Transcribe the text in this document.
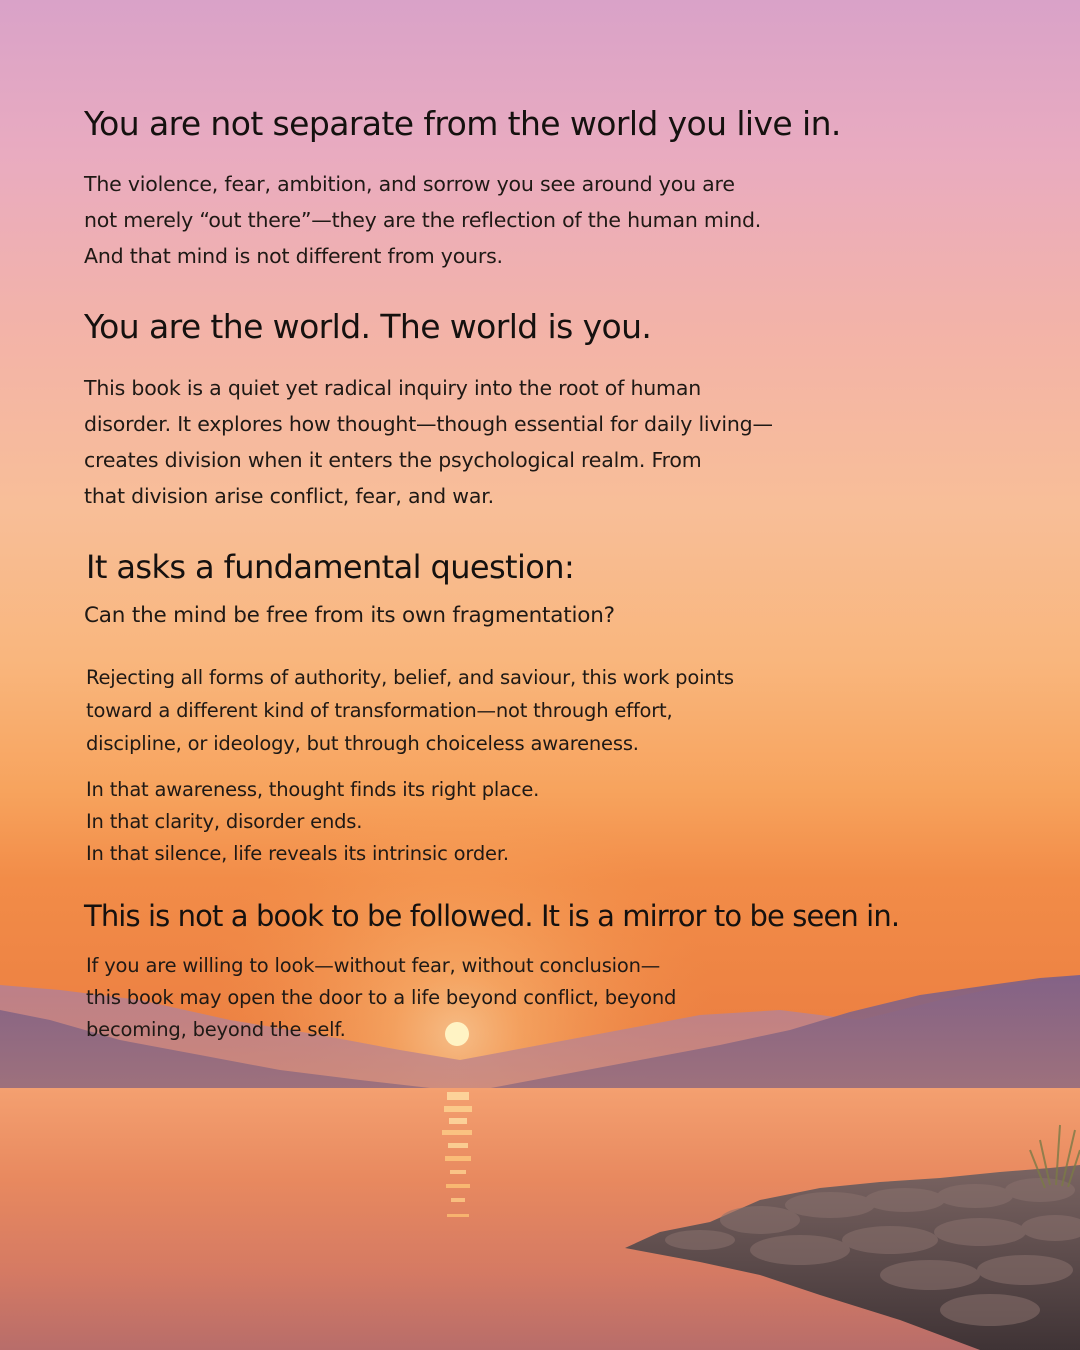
You are not separate from the world you live in.

The violence, fear, ambition, and sorrow you see around you are
not merely “out there”—they are the reflection of the human mind.
And that mind is not different from yours.

You are the world. The world is you.

This book is a quiet yet radical inquiry into the root of human
disorder. It explores how thought—though essential for daily living—
creates division when it enters the psychological realm. From
that division arise conflict, fear, and war.

It asks a fundamental question:

Can the mind be free from its own fragmentation?

Rejecting all forms of authority, belief, and saviour, this work points
toward a different kind of transformation—not through effort,
discipline, or ideology, but through choiceless awareness.

In that awareness, thought finds its right place.
In that clarity, disorder ends.
In that silence, life reveals its intrinsic order.

This is not a book to be followed. It is a mirror to be seen in.

If you are willing to look—without fear, without conclusion—
this book may open the door to a life beyond conflict, beyond
becoming, beyond the self.
